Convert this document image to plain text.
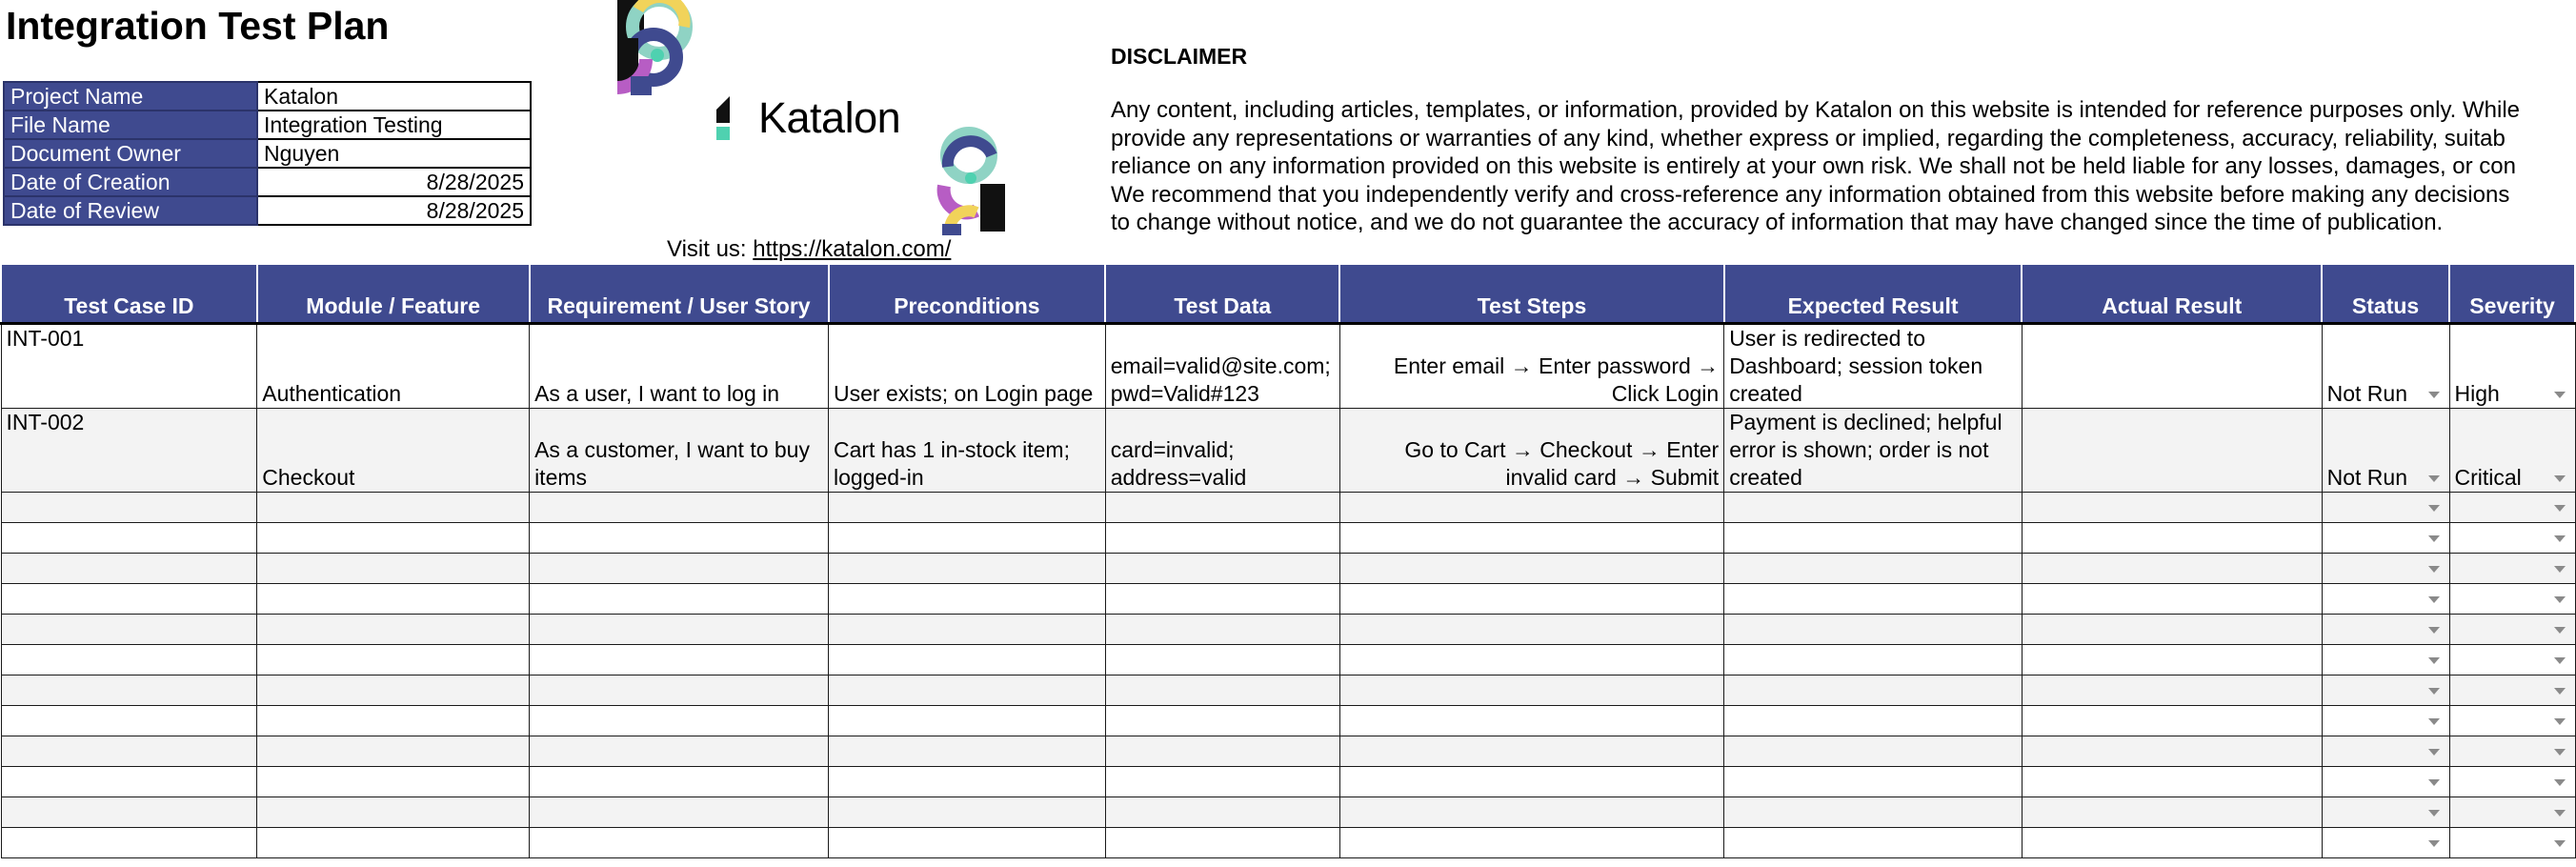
Integration Test Plan
Project Name	Katalon
File Name	Integration Testing
Document Owner	Nguyen
Date of Creation	8/28/2025
Date of Review	8/28/2025
Katalon
Visit us: https://katalon.com/
DISCLAIMER
Any content, including articles, templates, or information, provided by Katalon on this website is intended for reference purposes only. While
provide any representations or warranties of any kind, whether express or implied, regarding the completeness, accuracy, reliability, suitab
reliance on any information provided on this website is entirely at your own risk. We shall not be held liable for any losses, damages, or con
We recommend that you independently verify and cross-reference any information obtained from this website before making any decisions
to change without notice, and we do not guarantee the accuracy of information that may have changed since the time of publication.
Test Case ID	Module / Feature	Requirement / User Story	Preconditions	Test Data	Test Steps	Expected Result	Actual Result	Status	Severity
INT-001	Authentication	As a user, I want to log in	User exists; on Login page	email=valid@site.com; pwd=Valid#123	Enter email → Enter password → Click Login	User is redirected to Dashboard; session token created		Not Run	High
INT-002	Checkout	As a customer, I want to buy items	Cart has 1 in-stock item; logged-in	card=invalid; address=valid	Go to Cart → Checkout → Enter invalid card → Submit	Payment is declined; helpful error is shown; order is not created		Not Run	Critical
